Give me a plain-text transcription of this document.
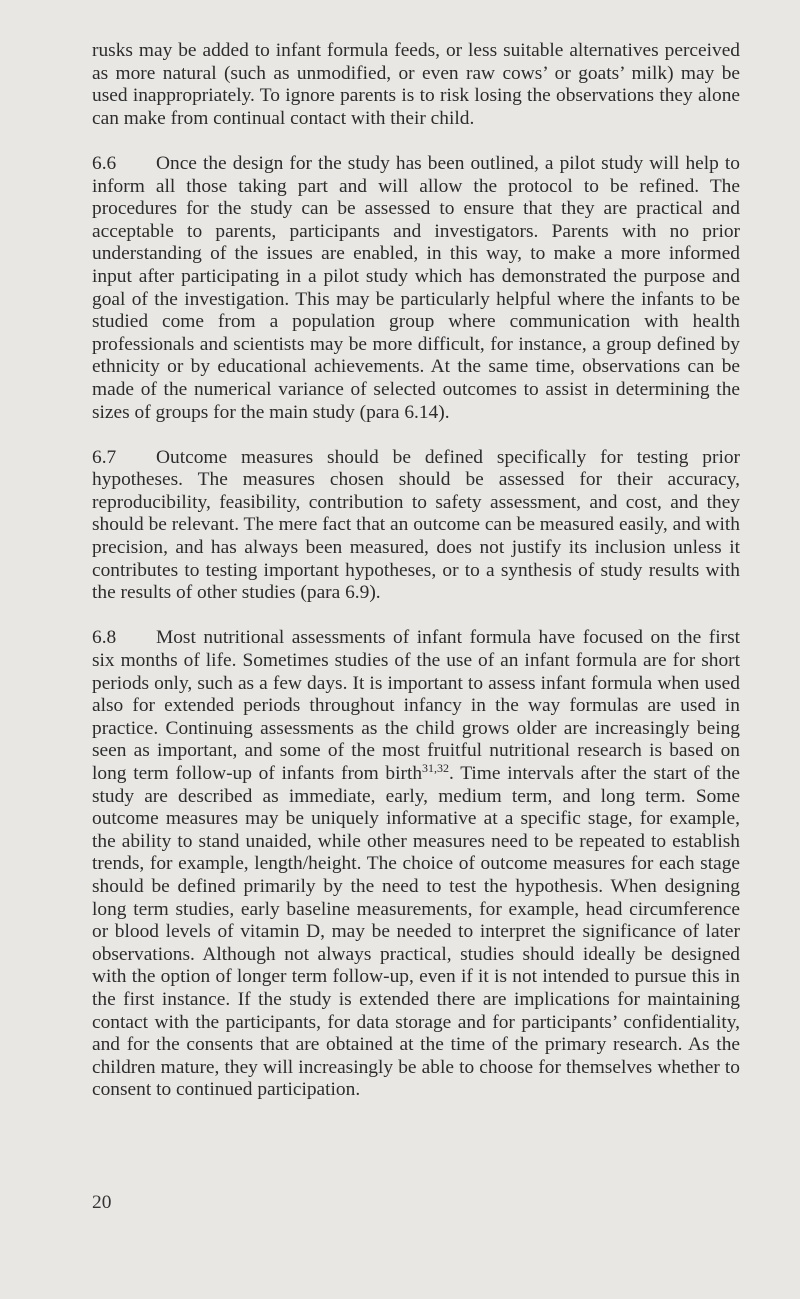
rusks may be added to infant formula feeds, or less suitable alternatives perceived as more natural (such as unmodified, or even raw cows’ or goats’ milk) may be used inappropriately. To ignore parents is to risk losing the observations they alone can make from continual contact with their child.

6.6 Once the design for the study has been outlined, a pilot study will help to inform all those taking part and will allow the protocol to be refined. The procedures for the study can be assessed to ensure that they are practical and acceptable to parents, participants and investigators. Parents with no prior understanding of the issues are enabled, in this way, to make a more informed input after participating in a pilot study which has demonstrated the purpose and goal of the investigation. This may be particularly helpful where the infants to be studied come from a population group where communication with health professionals and scientists may be more difficult, for instance, a group defined by ethnicity or by educational achievements. At the same time, observations can be made of the numerical variance of selected outcomes to assist in determining the sizes of groups for the main study (para 6.14).

6.7 Outcome measures should be defined specifically for testing prior hypotheses. The measures chosen should be assessed for their accuracy, reproducibility, feasibility, contribution to safety assessment, and cost, and they should be relevant. The mere fact that an outcome can be measured easily, and with precision, and has always been measured, does not justify its inclusion unless it contributes to testing important hypotheses, or to a synthesis of study results with the results of other studies (para 6.9).

6.8 Most nutritional assessments of infant formula have focused on the first six months of life. Sometimes studies of the use of an infant formula are for short periods only, such as a few days. It is important to assess infant formula when used also for extended periods throughout infancy in the way formulas are used in practice. Continuing assessments as the child grows older are increasingly being seen as important, and some of the most fruitful nutritional research is based on long term follow-up of infants from birth$^{31,32}$. Time intervals after the start of the study are described as immediate, early, medium term, and long term. Some outcome measures may be uniquely informative at a specific stage, for example, the ability to stand unaided, while other measures need to be repeated to establish trends, for example, length/height. The choice of outcome measures for each stage should be defined primarily by the need to test the hypothesis. When designing long term studies, early baseline measurements, for example, head circumference or blood levels of vitamin D, may be needed to interpret the significance of later observations. Although not always practical, studies should ideally be designed with the option of longer term follow-up, even if it is not intended to pursue this in the first instance. If the study is extended there are implications for maintaining contact with the participants, for data storage and for participants’ confidentiality, and for the consents that are obtained at the time of the primary research. As the children mature, they will increasingly be able to choose for themselves whether to consent to continued participation.

20
